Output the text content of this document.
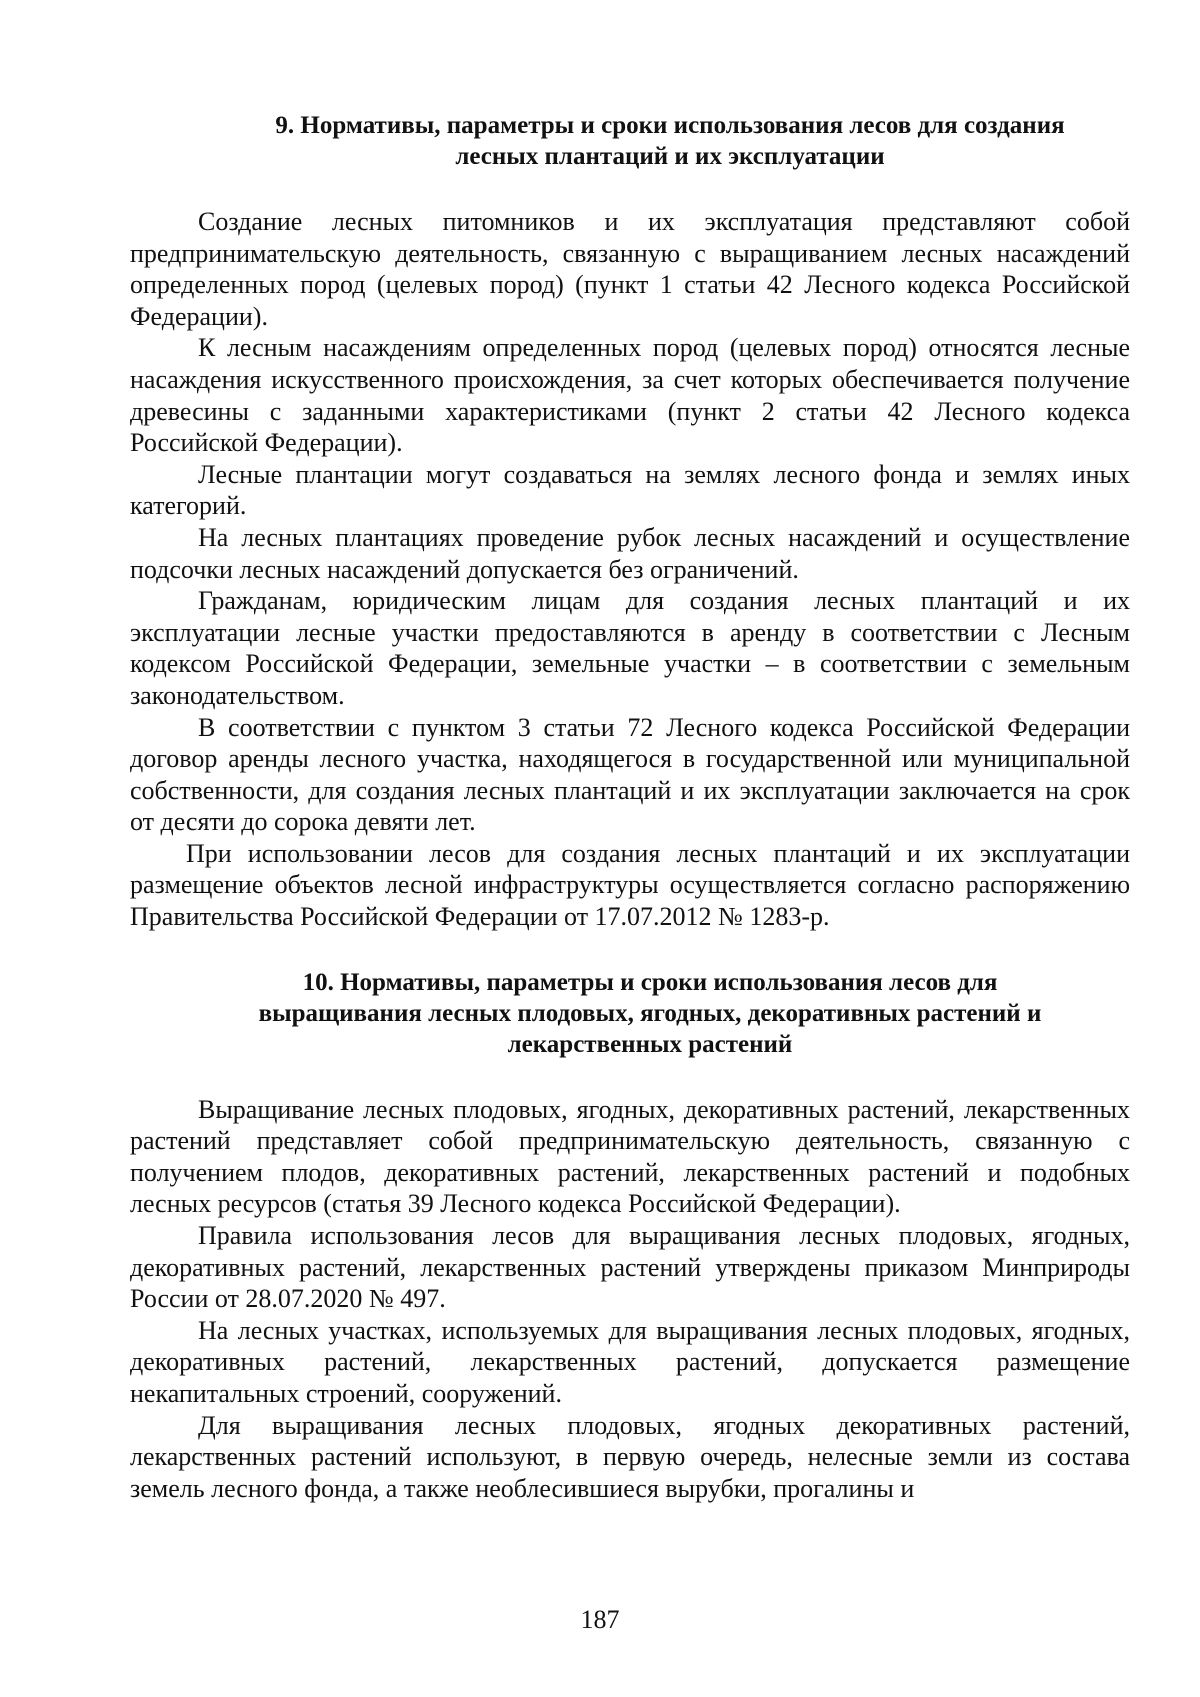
9. Нормативы, параметры и сроки использования лесов для создания
лесных плантаций и их эксплуатации

Создание лесных питомников и их эксплуатация представляют собой предпринимательскую деятельность, связанную с выращиванием лесных насаждений определенных пород (целевых пород) (пункт 1 статьи 42 Лесного кодекса Российской Федерации).

К лесным насаждениям определенных пород (целевых пород) относятся лесные насаждения искусственного происхождения, за счет которых обеспечивается получение древесины с заданными характеристиками (пункт 2 статьи 42 Лесного кодекса Российской Федерации).

Лесные плантации могут создаваться на землях лесного фонда и землях иных категорий.

На лесных плантациях проведение рубок лесных насаждений и осуществление подсочки лесных насаждений допускается без ограничений.

Гражданам, юридическим лицам для создания лесных плантаций и их эксплуатации лесные участки предоставляются в аренду в соответствии с Лесным кодексом Российской Федерации, земельные участки – в соответствии с земельным законодательством.

В соответствии с пунктом 3 статьи 72 Лесного кодекса Российской Федерации договор аренды лесного участка, находящегося в государственной или муниципальной собственности, для создания лесных плантаций и их эксплуатации заключается на срок от десяти до сорока девяти лет.

При использовании лесов для создания лесных плантаций и их эксплуатации размещение объектов лесной инфраструктуры осуществляется согласно распоряжению Правительства Российской Федерации от 17.07.2012 № 1283-р.

10. Нормативы, параметры и сроки использования лесов для
выращивания лесных плодовых, ягодных, декоративных растений и
лекарственных растений

Выращивание лесных плодовых, ягодных, декоративных растений, лекарственных растений представляет собой предпринимательскую деятельность, связанную с получением плодов, декоративных растений, лекарственных растений и подобных лесных ресурсов (статья 39 Лесного кодекса Российской Федерации).

Правила использования лесов для выращивания лесных плодовых, ягодных, декоративных растений, лекарственных растений утверждены приказом Минприроды России от 28.07.2020 № 497.

На лесных участках, используемых для выращивания лесных плодовых, ягодных, декоративных растений, лекарственных растений, допускается размещение некапитальных строений, сооружений.

Для выращивания лесных плодовых, ягодных декоративных растений, лекарственных растений используют, в первую очередь, нелесные земли из состава земель лесного фонда, а также необлесившиеся вырубки, прогалины и

187
